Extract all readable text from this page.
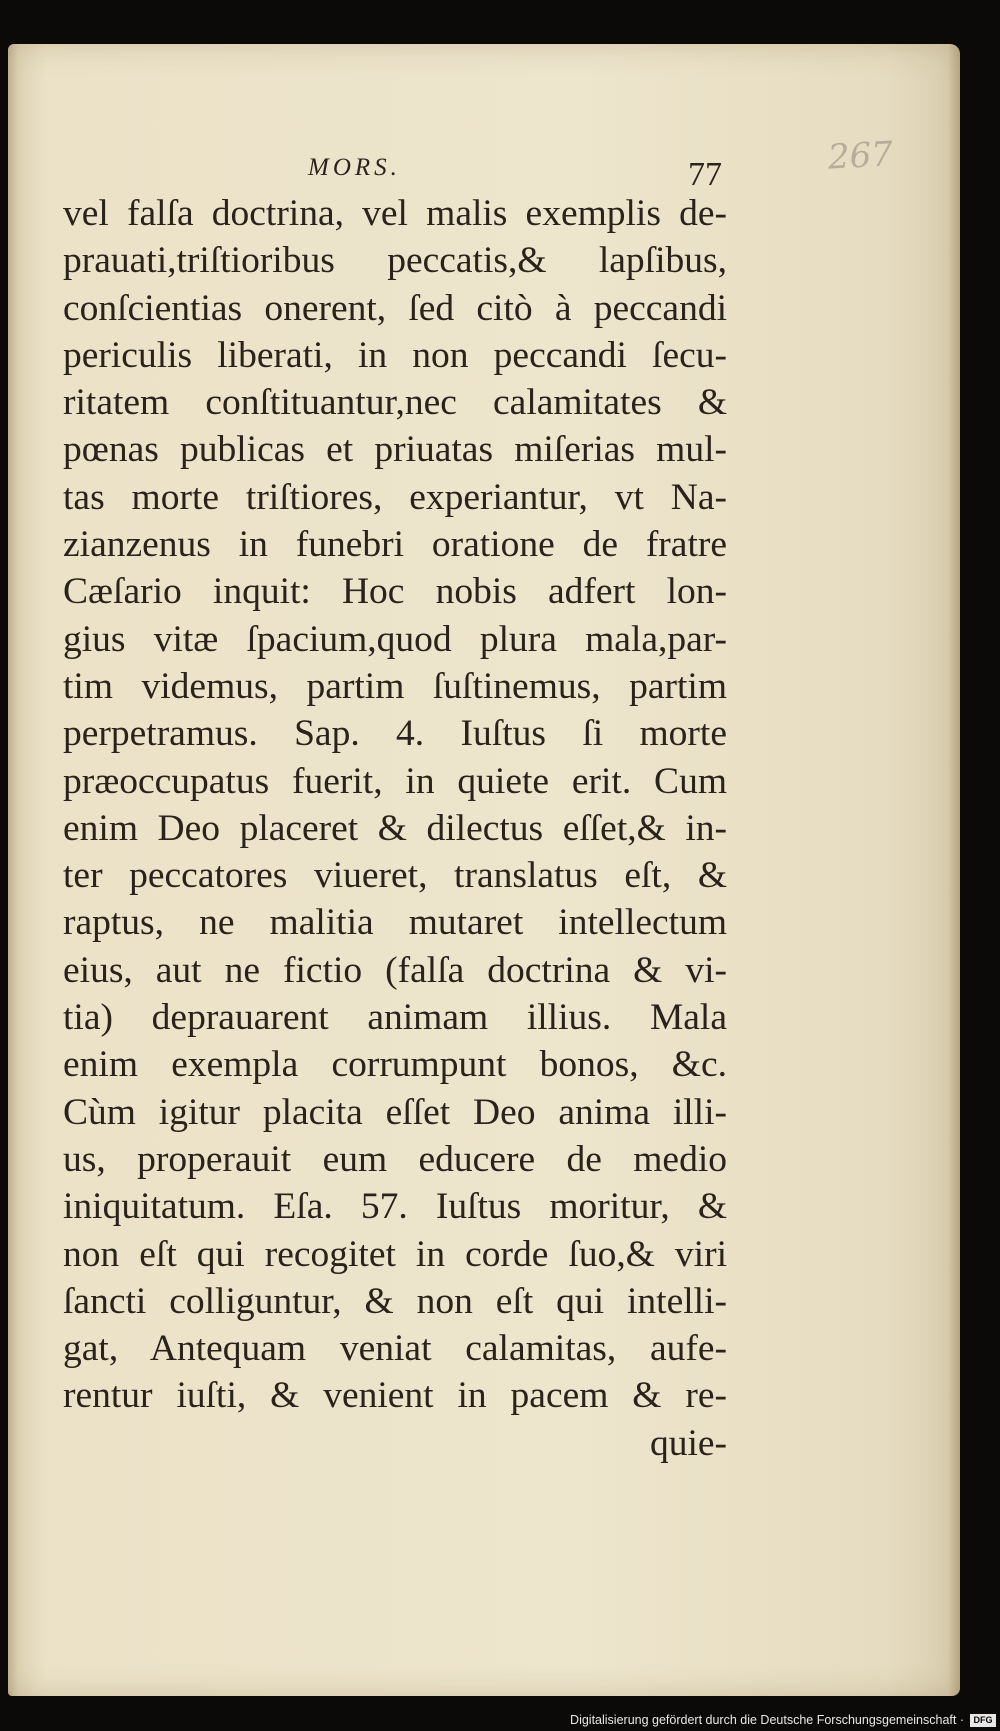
MORS.	77	267
vel falſa doctrina, vel malis exemplis de-
prauati,triſtioribus peccatis,& lapſibus,
conſcientias onerent, ſed citò à peccandi
periculis liberati, in non peccandi ſecu-
ritatem conſtituantur,nec calamitates &
pœnas publicas et priuatas miſerias mul-
tas morte triſtiores, experiantur, vt Na-
zianzenus in funebri oratione de fratre
Cæſario inquit: Hoc nobis adfert lon-
gius vitæ ſpacium,quod plura mala,par-
tim videmus, partim ſuſtinemus, partim
perpetramus. Sap. 4. Iuſtus ſi morte
præoccupatus fuerit, in quiete erit. Cum
enim Deo placeret & dilectus eſſet,& in-
ter peccatores viueret, translatus eſt, &
raptus, ne malitia mutaret intellectum
eius, aut ne fictio (falſa doctrina & vi-
tia) deprauarent animam illius. Mala
enim exempla corrumpunt bonos, &c.
Cùm igitur placita eſſet Deo anima illi-
us, properauit eum educere de medio
iniquitatum. Eſa. 57. Iuſtus moritur, &
non eſt qui recogitet in corde ſuo,& viri
ſancti colliguntur, & non eſt qui intelli-
gat, Antequam veniat calamitas, aufe-
rentur iuſti, & venient in pacem & re-
quie-
Digitalisierung gefördert durch die Deutsche Forschungsgemeinschaft ·	DFG
